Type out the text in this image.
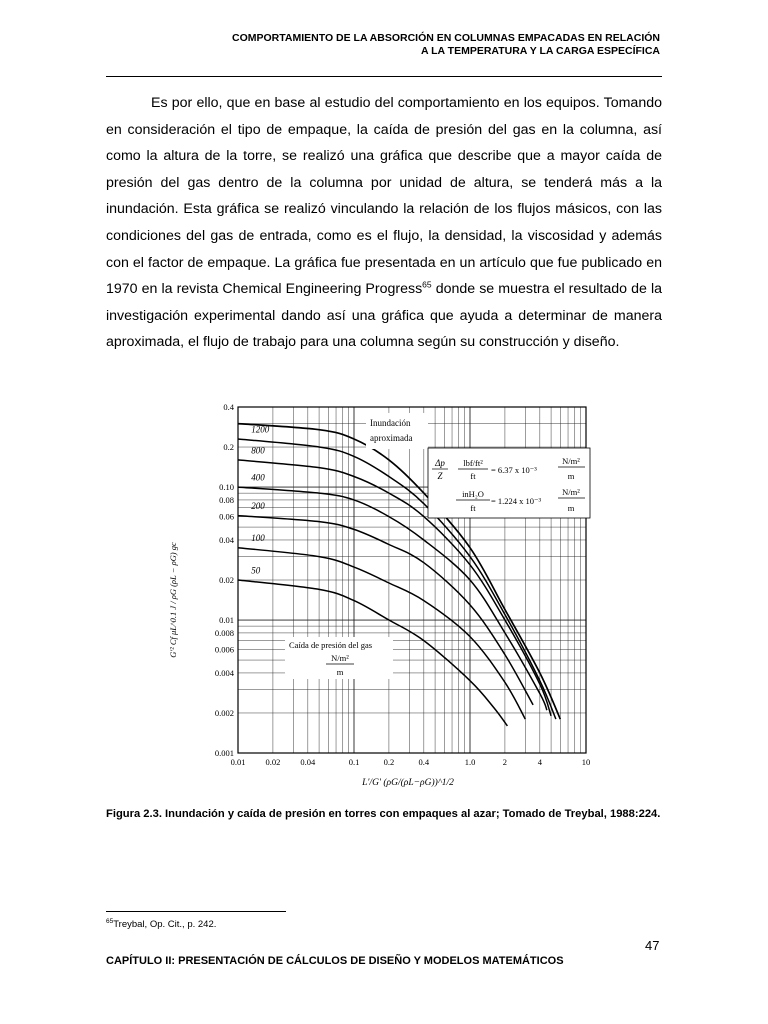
COMPORTAMIENTO DE LA ABSORCIÓN EN COLUMNAS EMPACADAS EN RELACIÓN
A LA TEMPERATURA Y LA CARGA ESPECÍFICA

Es por ello, que en base al estudio del comportamiento en los equipos. Tomando en consideración el tipo de empaque, la caída de presión del gas en la columna, así como la altura de la torre, se realizó una gráfica que describe que a mayor caída de presión del gas dentro de la columna por unidad de altura, se tenderá más a la inundación. Esta gráfica se realizó vinculando la relación de los flujos másicos, con las condiciones del gas de entrada, como es el flujo, la densidad, la viscosidad y además con el factor de empaque. La gráfica fue presentada en un artículo que fue publicado en 1970 en la revista Chemical Engineering Progress$^{65}$ donde se muestra el resultado de la investigación experimental dando así una gráfica que ayuda a determinar de manera aproximada, el flujo de trabajo para una columna según su construcción y diseño.

0.01 0.02 0.04	0.1	0.2	0.4	1.0	2	4	10
0.001
0.002
0.004
0.006
0.008
0.01
0.02
0.04
0.06
0.08
0.10
0.2
0.4
G′² Cf μL^0.1 J / ρG (ρL − ρG) gc
L′/G′ (ρG/(ρL−ρG))^1/2
Inundación
aproximada
Caída de presión del gas
N/m²
m
Δp
Z
lbf/ft²
ft
= 6.37 x 10⁻³
N/m²
m
inH₂O
ft
= 1.224 x 10⁻³
N/m²
m
1200
800
400
200
100
50
Figura 2.3. Inundación y caída de presión en torres con empaques al azar; Tomado de Treybal, 1988:224.
$^{65}$Treybal, Op. Cit., p. 242.
47
CAPÍTULO II: PRESENTACIÓN DE CÁLCULOS DE DISEÑO Y MODELOS MATEMÁTICOS
